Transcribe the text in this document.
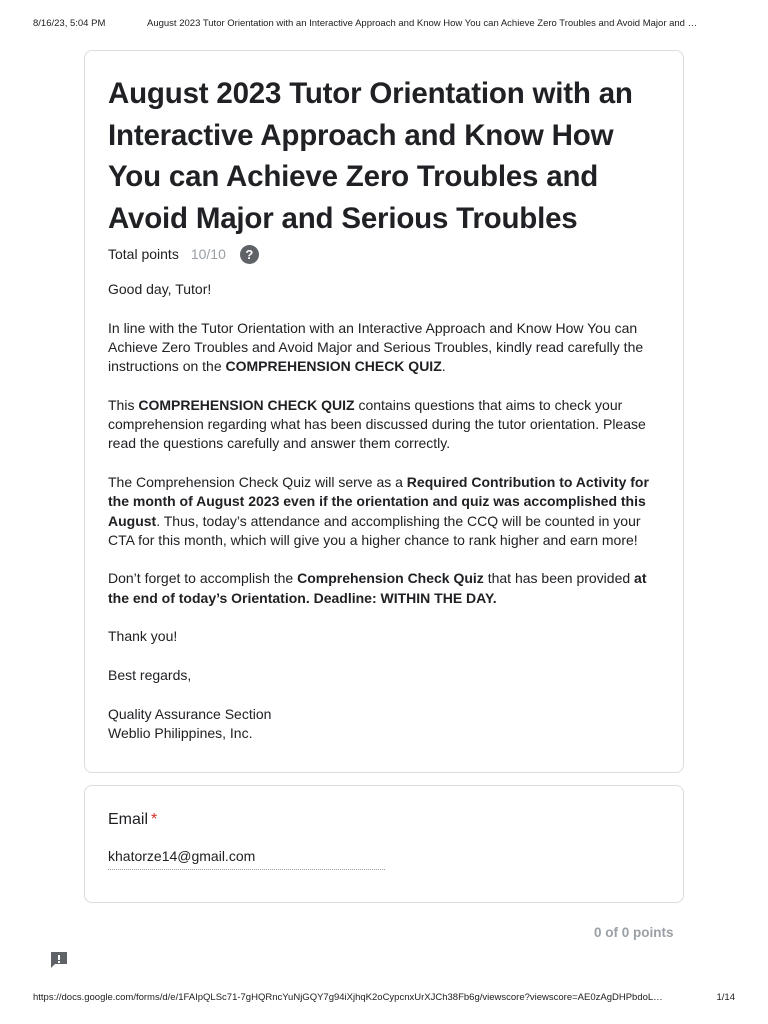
8/16/23, 5:04 PM	August 2023 Tutor Orientation with an Interactive Approach and Know How You can Achieve Zero Troubles and Avoid Major and …
August 2023 Tutor Orientation with an Interactive Approach and Know How You can Achieve Zero Troubles and Avoid Major and Serious Troubles
Total points 10/10	?

Good day, Tutor!

In line with the Tutor Orientation with an Interactive Approach and Know How You can Achieve Zero Troubles and Avoid Major and Serious Troubles, kindly read carefully the instructions on the COMPREHENSION CHECK QUIZ.

This COMPREHENSION CHECK QUIZ contains questions that aims to check your comprehension regarding what has been discussed during the tutor orientation. Please read the questions carefully and answer them correctly.

The Comprehension Check Quiz will serve as a Required Contribution to Activity for the month of August 2023 even if the orientation and quiz was accomplished this August. Thus, today’s attendance and accomplishing the CCQ will be counted in your CTA for this month, which will give you a higher chance to rank higher and earn more!

Don’t forget to accomplish the Comprehension Check Quiz that has been provided at the end of today’s Orientation. Deadline: WITHIN THE DAY.

Thank you!

Best regards,

Quality Assurance Section
Weblio Philippines, Inc.

Email *
khatorze14@gmail.com
0 of 0 points
https://docs.google.com/forms/d/e/1FAIpQLSc71-7gHQRncYuNjGQY7g94iXjhqK2oCypcnxUrXJCh38Fb6g/viewscore?viewscore=AE0zAgDHPbdoL…	1/14
